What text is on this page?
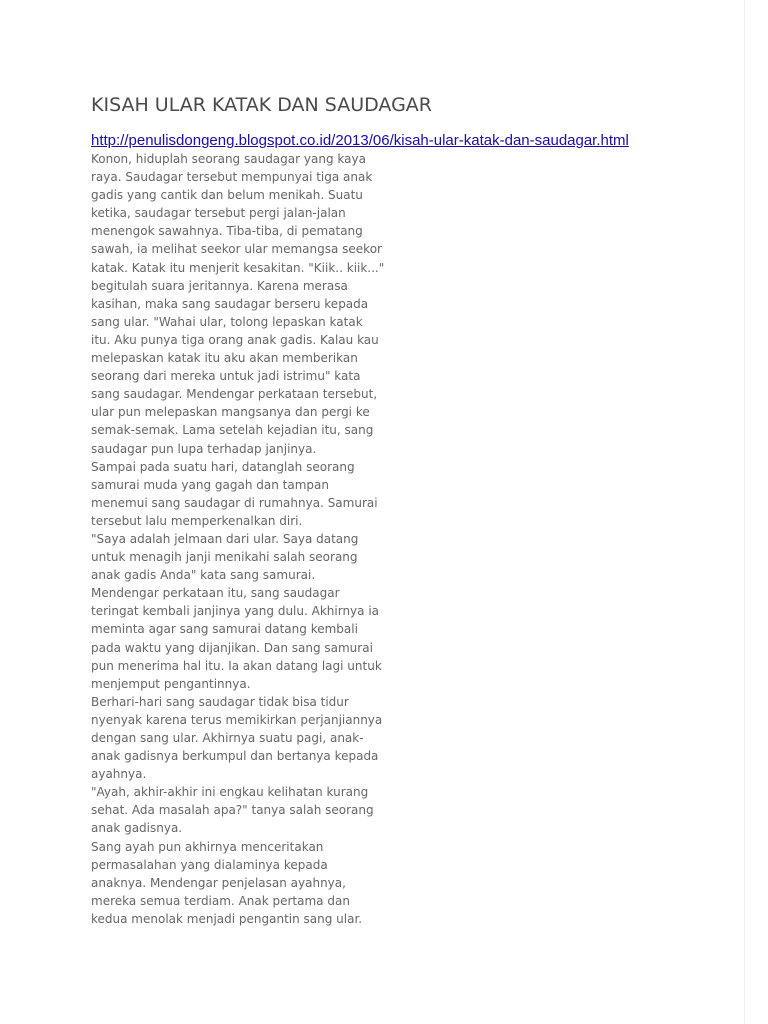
KISAH ULAR KATAK DAN SAUDAGAR
http://penulisdongeng.blogspot.co.id/2013/06/kisah-ular-katak-dan-saudagar.html
Konon, hiduplah seorang saudagar yang kaya
raya. Saudagar tersebut mempunyai tiga anak
gadis yang cantik dan belum menikah. Suatu
ketika, saudagar tersebut pergi jalan-jalan
menengok sawahnya. Tiba-tiba, di pematang
sawah, ia melihat seekor ular memangsa seekor
katak. Katak itu menjerit kesakitan. "Kiik.. kiik..."
begitulah suara jeritannya. Karena merasa
kasihan, maka sang saudagar berseru kepada
sang ular. "Wahai ular, tolong lepaskan katak
itu. Aku punya tiga orang anak gadis. Kalau kau
melepaskan katak itu aku akan memberikan
seorang dari mereka untuk jadi istrimu" kata
sang saudagar. Mendengar perkataan tersebut,
ular pun melepaskan mangsanya dan pergi ke
semak-semak. Lama setelah kejadian itu, sang
saudagar pun lupa terhadap janjinya.
Sampai pada suatu hari, datanglah seorang
samurai muda yang gagah dan tampan
menemui sang saudagar di rumahnya. Samurai
tersebut lalu memperkenalkan diri.
"Saya adalah jelmaan dari ular. Saya datang
untuk menagih janji menikahi salah seorang
anak gadis Anda" kata sang samurai.
Mendengar perkataan itu, sang saudagar
teringat kembali janjinya yang dulu. Akhirnya ia
meminta agar sang samurai datang kembali
pada waktu yang dijanjikan. Dan sang samurai
pun menerima hal itu. Ia akan datang lagi untuk
menjemput pengantinnya.
Berhari-hari sang saudagar tidak bisa tidur
nyenyak karena terus memikirkan perjanjiannya
dengan sang ular. Akhirnya suatu pagi, anak-
anak gadisnya berkumpul dan bertanya kepada
ayahnya.
"Ayah, akhir-akhir ini engkau kelihatan kurang
sehat. Ada masalah apa?" tanya salah seorang
anak gadisnya.
Sang ayah pun akhirnya menceritakan
permasalahan yang dialaminya kepada
anaknya. Mendengar penjelasan ayahnya,
mereka semua terdiam. Anak pertama dan
kedua menolak menjadi pengantin sang ular.
